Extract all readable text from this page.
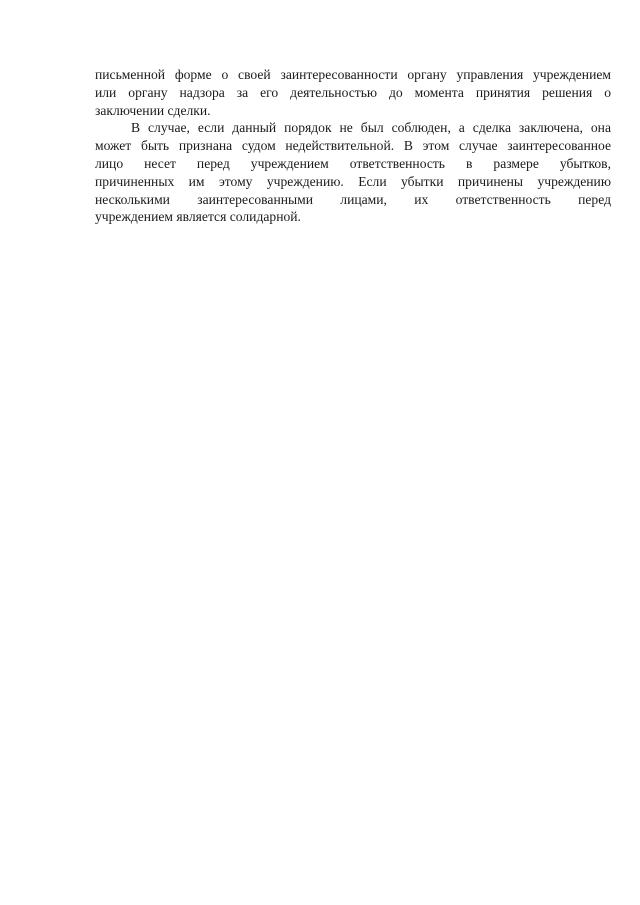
письменной форме о своей заинтересованности органу управления учреждением
или органу надзора за его деятельностью до момента принятия решения о
заключении сделки.
В случае, если данный порядок не был соблюден, а сделка заключена, она
может быть признана судом недействительной. В этом случае заинтересованное
лицо несет перед учреждением ответственность в размере убытков,
причиненных им этому учреждению. Если убытки причинены учреждению
несколькими заинтересованными лицами, их ответственность перед
учреждением является солидарной.
